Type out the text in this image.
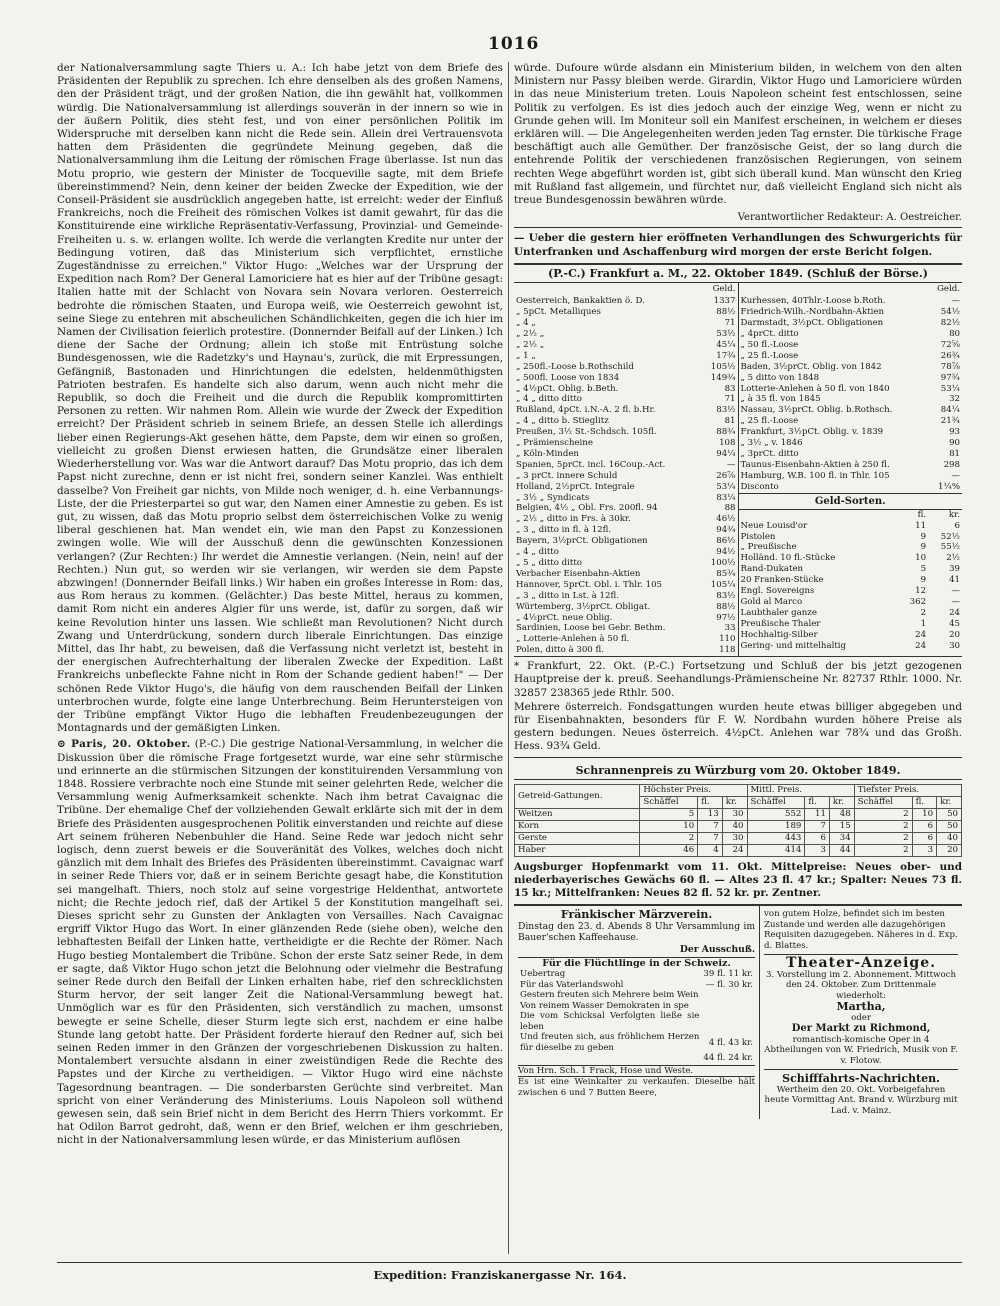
1016

der Nationalversammlung sagte Thiers u. A.: Ich habe jetzt von dem Briefe des Präsidenten der Republik zu sprechen. Ich ehre denselben als des großen Namens, den der Präsident trägt, und der großen Nation, die ihn gewählt hat, vollkommen würdig. Die Nationalversammlung ist allerdings souverän in der innern so wie in der äußern Politik, dies steht fest, und von einer persönlichen Politik im Widerspruche mit derselben kann nicht die Rede sein. Allein drei Vertrauensvota hatten dem Präsidenten die gegründete Meinung gegeben, daß die Nationalversammlung ihm die Leitung der römischen Frage überlasse. Ist nun das Motu proprio, wie gestern der Minister de Tocqueville sagte, mit dem Briefe übereinstimmend? Nein, denn keiner der beiden Zwecke der Expedition, wie der Conseil-Präsident sie ausdrücklich angegeben hatte, ist erreicht: weder der Einfluß Frankreichs, noch die Freiheit des römischen Volkes ist damit gewahrt, für das die Konstituirende eine wirkliche Repräsentativ-Verfassung, Provinzial- und Gemeinde-Freiheiten u. s. w. erlangen wollte. Ich werde die verlangten Kredite nur unter der Bedingung votiren, daß das Ministerium sich verpflichtet, ernstliche Zugeständnisse zu erreichen." Viktor Hugo: „Welches war der Ursprung der Expedition nach Rom? Der General Lamoriciere hat es hier auf der Tribüne gesagt: Italien hatte mit der Schlacht von Novara sein Novara verloren. Oesterreich bedrohte die römischen Staaten, und Europa weiß, wie Oesterreich gewohnt ist, seine Siege zu entehren mit abscheulichen Schändlichkeiten, gegen die ich hier im Namen der Civilisation feierlich protestire. (Donnernder Beifall auf der Linken.) Ich diene der Sache der Ordnung; allein ich stoße mit Entrüstung solche Bundesgenossen, wie die Radetzky's und Haynau's, zurück, die mit Erpressungen, Gefängniß, Bastonaden und Hinrichtungen die edelsten, heldenmüthigsten Patrioten bestrafen. Es handelte sich also darum, wenn auch nicht mehr die Republik, so doch die Freiheit und die durch die Republik kompromittirten Personen zu retten. Wir nahmen Rom. Allein wie wurde der Zweck der Expedition erreicht? Der Präsident schrieb in seinem Briefe, an dessen Stelle ich allerdings lieber einen Regierungs-Akt gesehen hätte, dem Papste, dem wir einen so großen, vielleicht zu großen Dienst erwiesen hatten, die Grundsätze einer liberalen Wiederherstellung vor. Was war die Antwort darauf? Das Motu proprio, das ich dem Papst nicht zurechne, denn er ist nicht frei, sondern seiner Kanzlei. Was enthielt dasselbe? Von Freiheit gar nichts, von Milde noch weniger, d. h. eine Verbannungs-Liste, der die Priesterpartei so gut war, den Namen einer Amnestie zu geben. Es ist gut, zu wissen, daß das Motu proprio selbst dem österreichischen Volke zu wenig liberal geschienen hat. Man wendet ein, wie man den Papst zu Konzessionen zwingen wolle. Wie will der Ausschuß denn die gewünschten Konzessionen verlangen? (Zur Rechten:) Ihr werdet die Amnestie verlangen. (Nein, nein! auf der Rechten.) Nun gut, so werden wir sie verlangen, wir werden sie dem Papste abzwingen! (Donnernder Beifall links.) Wir haben ein großes Interesse in Rom: das, aus Rom heraus zu kommen. (Gelächter.) Das beste Mittel, heraus zu kommen, damit Rom nicht ein anderes Algier für uns werde, ist, dafür zu sorgen, daß wir keine Revolution hinter uns lassen. Wie schließt man Revolutionen? Nicht durch Zwang und Unterdrückung, sondern durch liberale Einrichtungen. Das einzige Mittel, das Ihr habt, zu beweisen, daß die Verfassung nicht verletzt ist, besteht in der energischen Aufrechterhaltung der liberalen Zwecke der Expedition. Laßt Frankreichs unbefleckte Fahne nicht in Rom der Schande gedient haben!" — Der schönen Rede Viktor Hugo's, die häufig von dem rauschenden Beifall der Linken unterbrochen wurde, folgte eine lange Unterbrechung. Beim Heruntersteigen von der Tribüne empfängt Viktor Hugo die lebhaften Freudenbezeugungen der Montagnards und der gemäßigten Linken.

⊙ Paris, 20. Oktober. (P.-C.) Die gestrige National-Versammlung, in welcher die Diskussion über die römische Frage fortgesetzt wurde, war eine sehr stürmische und erinnerte an die stürmischen Sitzungen der konstituirenden Versammlung von 1848. Rossiere verbrachte noch eine Stunde mit seiner gelehrten Rede, welcher die Versammlung wenig Aufmerksamkeit schenkte. Nach ihm betrat Cavaignac die Tribüne. Der ehemalige Chef der vollziehenden Gewalt erklärte sich mit der in dem Briefe des Präsidenten ausgesprochenen Politik einverstanden und reichte auf diese Art seinem früheren Nebenbuhler die Hand. Seine Rede war jedoch nicht sehr logisch, denn zuerst beweis er die Souveränität des Volkes, welches doch nicht gänzlich mit dem Inhalt des Briefes des Präsidenten übereinstimmt. Cavaignac warf in seiner Rede Thiers vor, daß er in seinem Berichte gesagt habe, die Konstitution sei mangelhaft. Thiers, noch stolz auf seine vorgestrige Heldenthat, antwortete nicht; die Rechte jedoch rief, daß der Artikel 5 der Konstitution mangelhaft sei. Dieses spricht sehr zu Gunsten der Anklagten von Versailles. Nach Cavaignac ergriff Viktor Hugo das Wort. In einer glänzenden Rede (siehe oben), welche den lebhaftesten Beifall der Linken hatte, vertheidigte er die Rechte der Römer. Nach Hugo bestieg Montalembert die Tribüne. Schon der erste Satz seiner Rede, in dem er sagte, daß Viktor Hugo schon jetzt die Belohnung oder vielmehr die Bestrafung seiner Rede durch den Beifall der Linken erhalten habe, rief den schrecklichsten Sturm hervor, der seit langer Zeit die National-Versammlung bewegt hat. Unmöglich war es für den Präsidenten, sich verständlich zu machen, umsonst bewegte er seine Schelle, dieser Sturm legte sich erst, nachdem er eine halbe Stunde lang getobt hatte. Der Präsident forderte hierauf den Redner auf, sich bei seinen Reden immer in den Gränzen der vorgeschriebenen Diskussion zu halten. Montalembert versuchte alsdann in einer zweistündigen Rede die Rechte des Papstes und der Kirche zu vertheidigen. — Viktor Hugo wird eine nächste Tagesordnung beantragen. — Die sonderbarsten Gerüchte sind verbreitet. Man spricht von einer Veränderung des Ministeriums. Louis Napoleon soll wüthend gewesen sein, daß sein Brief nicht in dem Bericht des Herrn Thiers vorkommt. Er hat Odilon Barrot gedroht, daß, wenn er den Brief, welchen er ihm geschrieben, nicht in der Nationalversammlung lesen würde, er das Ministerium auflösen

würde. Dufoure würde alsdann ein Ministerium bilden, in welchem von den alten Ministern nur Passy bleiben werde. Girardin, Viktor Hugo und Lamoriciere würden in das neue Ministerium treten. Louis Napoleon scheint fest entschlossen, seine Politik zu verfolgen. Es ist dies jedoch auch der einzige Weg, wenn er nicht zu Grunde gehen will. Im Moniteur soll ein Manifest erscheinen, in welchem er dieses erklären will. — Die Angelegenheiten werden jeden Tag ernster. Die türkische Frage beschäftigt auch alle Gemüther. Der französische Geist, der so lang durch die entehrende Politik der verschiedenen französischen Regierungen, von seinem rechten Wege abgeführt worden ist, gibt sich überall kund. Man wünscht den Krieg mit Rußland fast allgemein, und fürchtet nur, daß vielleicht England sich nicht als treue Bundesgenossin bewähren würde.

Verantwortlicher Redakteur: A. Oestreicher.

— Ueber die gestern hier eröffneten Verhandlungen des Schwurgerichts für Unterfranken und Aschaffenburg wird morgen der erste Bericht folgen.

(P.-C.) Frankfurt a. M., 22. Oktober 1849. (Schluß der Börse.)
Geld.
Oesterreich, Bankaktien ö. D.	1337
„ 5pCt. Metalliques	88½
„ 4 „	71
„ 2½ „	53½
„ 2½ „	45¼
„ 1 „	17¾
„ 250fl.-Loose b.Rothschild	105½
„ 500fl. Loose von 1834	149¾
„ 4½pCt. Oblig. b.Beth.	83
„ 4 „ ditto ditto	71
Rußland, 4pCt. i.N.-A. 2 fl. b.Hr.	83½
„ 4 „ ditto b. Stieglitz	81
Preußen, 3½ St.-Schdsch. 105fl.	88¾
„ Prämienscheine	108
„ Köln-Minden	94¼
Spanien, 5prCt. incl. 16Coup.-Act.	—
„ 3 prCt. innere Schuld	26⅞
Holland, 2½prCt. Integrale	53¼
„ 3½ „ Syndicats	83¼
Belgien, 4½ „ Obl. Frs. 200fl. 94	88
„ 2½ „ ditto in Frs. à 30kr.	46½
„ 3 „ ditto in fl. à 12fl.	94¾
Bayern, 3½prCt. Obligationen	86½
„ 4 „ ditto	94½
„ 5 „ ditto ditto	100½
Verbacher Eisenbahn-Aktien	85¾
Hannover, 5prCt. Obl. i. Thlr. 105	105¼
„ 3 „ ditto in Lst. à 12fl.	83½
Würtemberg, 3½prCt. Obligat.	88½
„ 4½prCt. neue Oblig.	97½
Sardinien, Loose bei Gebr. Bethm.	33
„ Lotterie-Anlehen à 50 fl.	110
Polen, ditto à 300 fl.	118
Geld.
Kurhessen, 40Thlr.-Loose b.Roth.	—
Friedrich-Wilh.-Nordbahn-Aktien	54½
Darmstadt, 3½pCt. Obligationen	82½
„ 4prCt. ditto	80
„ 50 fl.-Loose	72⅝
„ 25 fl.-Loose	26¾
Baden, 3½prCt. Oblig. von 1842	78⅞
„ 5 ditto von 1848	97¾
Lotterie-Anlehen à 50 fl. von 1840	53¼
„ à 35 fl. von 1845	32
Nassau, 3½prCt. Oblig. b.Rothsch.	84¼
„ 25 fl.-Loose	21¾
Frankfurt, 3½pCt. Oblig. v. 1839	93
„ 3½ „ v. 1846	90
„ 3prCt. ditto	81
Taunus-Eisenbahn-Aktien à 250 fl.	298
Hamburg, W.B. 100 fl. in Thlr. 105	—
Disconto	1¼%
Geld-Sorten.
	fl.	kr.
Neue Louisd'or	11	6
Pistolen	9	52½
„ Preußische	9	55½
Holländ. 10 fl.-Stücke	10	2½
Rand-Dukaten	5	39
20 Franken-Stücke	9	41
Engl. Sovereigns	12	—
Gold al Marco	362	—
Laubthaler ganze	2	24
Preußische Thaler	1	45
Hochhaltig-Silber	24	20
Gering- und mittelhaltig	24	30

* Frankfurt, 22. Okt. (P.-C.) Fortsetzung und Schluß der bis jetzt gezogenen Hauptpreise der k. preuß. Seehandlungs-Prämienscheine Nr. 82737 Rthlr. 1000. Nr. 32857 238365 jede Rthlr. 500.

Mehrere österreich. Fondsgattungen wurden heute etwas billiger abgegeben und für Eisenbahnakten, besonders für F. W. Nordbahn wurden höhere Preise als gestern bedungen. Neues österreich. 4½pCt. Anlehen war 78¾ und das Großh. Hess. 93¾ Geld.

Schrannenpreis zu Würzburg vom 20. Oktober 1849.
Getreid-Gattungen.	Höchster Preis.			Mittl. Preis.			Tiefster Preis.		
	Schäffel	fl.	kr.	Schäffel	fl.	kr.	Schäffel	fl.	kr.
Weitzen	5	13	30	552	11	48	2	10	50
Korn	10	7	40	189	7	15	2	6	50
Gerste	2	7	30	443	6	34	2	6	40
Haber	46	4	24	414	3	44	2	3	20

Augsburger Hopfenmarkt vom 11. Okt. Mittelpreise: Neues ober- und niederbayerisches Gewächs 60 fl. — Altes 23 fl. 47 kr.; Spalter: Neues 73 fl. 15 kr.; Mittelfranken: Neues 82 fl. 52 kr. pr. Zentner.

Fränkischer Märzverein.
Dinstag den 23. d. Abends 8 Uhr Versammlung im Bauer'schen Kaffeehause.
Der Ausschuß.
Für die Flüchtlinge in der Schweiz.
Uebertrag	39 fl. 11 kr.
Für das Vaterlandswohl	— fl. 30 kr.
Gestern freuten sich Mehrere beim Wein	
Von reinem Wasser Demokraten in spe	
Die vom Schicksal Verfolgten ließe sie leben	
Und freuten sich, aus fröhlichem Herzen für dieselbe zu geben	4 fl. 43 kr.
	44 fl. 24 kr.
Von Hrn. Sch. 1 Frack, Hose und Weste.
Es ist eine Weinkalter zu verkaufen. Dieselbe hält zwischen 6 und 7 Butten Beere,
von gutem Holze, befindet sich im besten Zustande und werden alle dazugehörigen Requisiten dazugegeben. Näheres in d. Exp. d. Blattes.
Theater-Anzeige.
3. Vorstellung im 2. Abonnement. Mittwoch den 24. Oktober. Zum Drittenmale wiederholt:
Martha,
oder
Der Markt zu Richmond,
romantisch-komische Oper in 4 Abtheilungen von W. Friedrich, Musik von F. v. Flotow.
Schifffahrts-Nachrichten.
Wertheim den 20. Okt. Vorbeigefahren heute Vormittag Ant. Brand v. Würzburg mit Lad. v. Mainz.
Expedition: Franziskanergasse Nr. 164.
